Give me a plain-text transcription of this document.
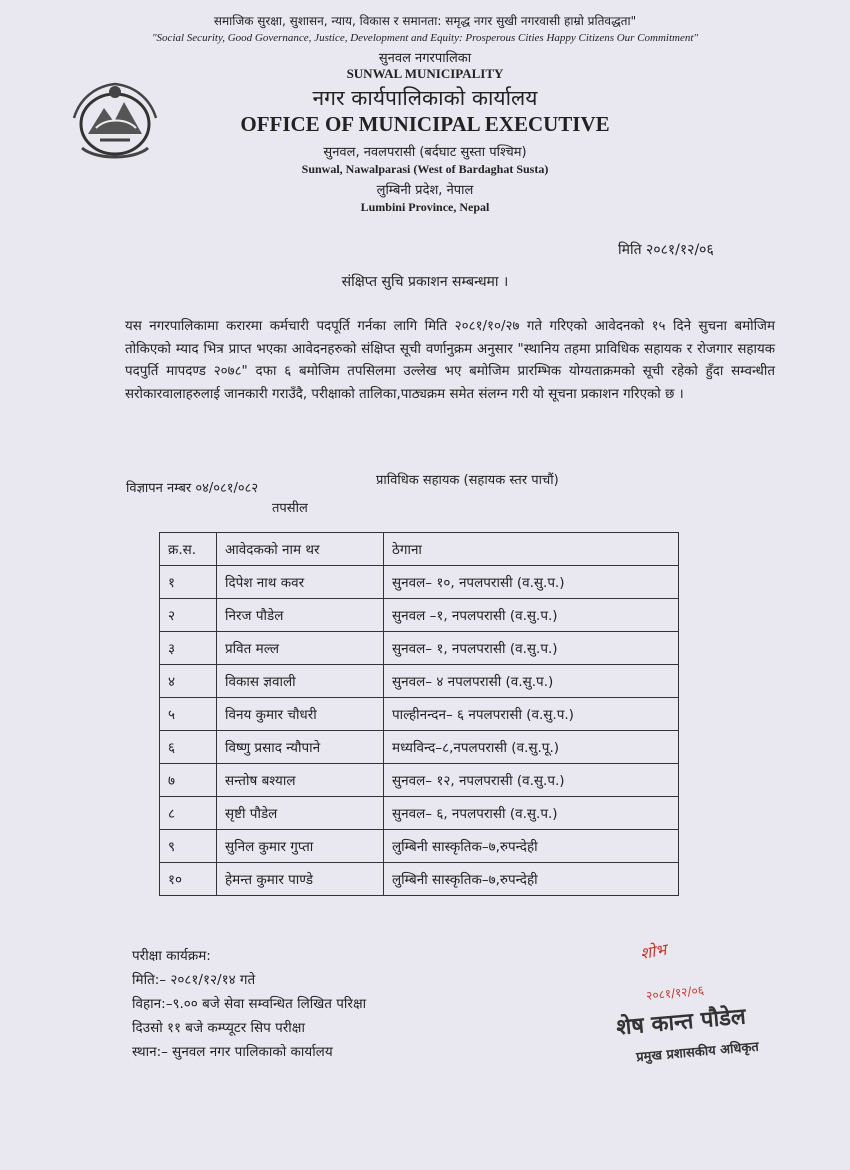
समाजिक सुरक्षा, सुशासन, न्याय, विकास र समानता: समृद्ध नगर सुखी नगरवासी हाम्रो प्रतिवद्धता"
"Social Security, Good Governance, Justice, Development and Equity: Prosperous Cities Happy Citizens Our Commitment"
सुनवल नगरपालिका
SUNWAL MUNICIPALITY
नगर कार्यपालिकाको कार्यालय
OFFICE OF MUNICIPAL EXECUTIVE
सुनवल, नवलपरासी (बर्दघाट सुस्ता पश्चिम)
Sunwal, Nawalparasi (West of Bardaghat Susta)
लुम्बिनी प्रदेश, नेपाल
Lumbini Province, Nepal
मिति २०८१/१२/०६
संक्षिप्त सुचि प्रकाशन सम्बन्धमा ।
यस नगरपालिकामा करारमा कर्मचारी पदपूर्ति गर्नका लागि मिति २०८१/१०/२७ गते गरिएको आवेदनको १५ दिने सुचना बमोजिम तोकिएको म्याद भित्र प्राप्त भएका आवेदनहरुको संक्षिप्त सूची वर्णानुक्रम अनुसार "स्थानिय तहमा प्राविधिक सहायक र रोजगार सहायक पदपुर्ति मापदण्ड २०७८" दफा ६ बमोजिम तपसिलमा उल्लेख भए बमोजिम प्रारम्भिक योग्यताक्रमको सूची रहेको हुँदा सम्वन्धीत सरोकारवालाहरुलाई जानकारी गराउँदै, परीक्षाको तालिका,पाठ्यक्रम समेत संलग्न गरी यो सूचना प्रकाशन गरिएको छ ।
विज्ञापन नम्बर ०४/०८१/०८२
प्राविधिक सहायक (सहायक स्तर पाचौं)
तपसील
क्र.स.	आवेदकको नाम थर	ठेगाना
१	दिपेश नाथ कवर	सुनवल– १०, नपलपरासी (व.सु.प.)
२	निरज पौडेल	सुनवल –१, नपलपरासी (व.सु.प.)
३	प्रवित मल्ल	सुनवल– १, नपलपरासी (व.सु.प.)
४	विकास ज्ञवाली	सुनवल– ४ नपलपरासी (व.सु.प.)
५	विनय कुमार चौधरी	पाल्हीनन्दन– ६ नपलपरासी (व.सु.प.)
६	विष्णु प्रसाद न्यौपाने	मध्यविन्द–८,नपलपरासी (व.सु.पू.)
७	सन्तोष बश्याल	सुनवल– १२, नपलपरासी (व.सु.प.)
८	सृष्टी पौडेल	सुनवल– ६, नपलपरासी (व.सु.प.)
९	सुनिल कुमार गुप्ता	लुम्बिनी सास्कृतिक–७,रुपन्देही
१०	हेमन्त कुमार पाण्डे	लुम्बिनी सास्कृतिक–७,रुपन्देही
परीक्षा कार्यक्रम:
मिति:– २०८१/१२/१४ गते
विहान:–९.०० बजे सेवा सम्वन्धित लिखित परिक्षा
दिउसो ११ बजे कम्प्यूटर सिप परीक्षा
स्थान:– सुनवल नगर पालिकाको कार्यालय
शोभ
२०८१/१२/०६
शेष कान्त पौडेल
प्रमुख प्रशासकीय अधिकृत
